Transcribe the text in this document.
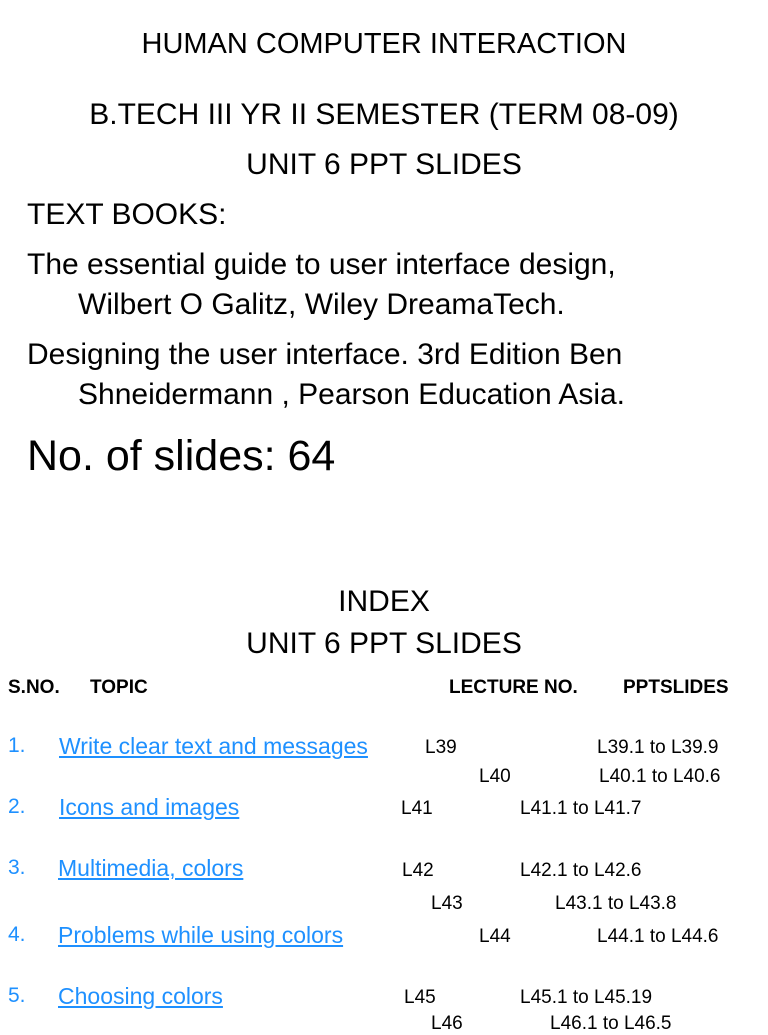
HUMAN COMPUTER INTERACTION
B.TECH III YR II SEMESTER (TERM 08-09)
UNIT 6 PPT SLIDES
TEXT BOOKS:
The essential guide to user interface design,
Wilbert O Galitz, Wiley DreamaTech.
Designing the user interface. 3rd Edition Ben
Shneidermann , Pearson Education Asia.
No. of slides: 64
INDEX
UNIT 6 PPT SLIDES
S.NO. TOPIC	LECTURE NO. PPTSLIDES
1. Write clear text and messages	L39	L39.1 to L39.9
L40	L40.1 to L40.6
2. Icons and images	L41	L41.1 to L41.7
3. Multimedia, colors	L42	L42.1 to L42.6
L43	L43.1 to L43.8
4. Problems while using colors	L44	L44.1 to L44.6
5. Choosing colors	L45	L45.1 to L45.19
L46	L46.1 to L46.5
